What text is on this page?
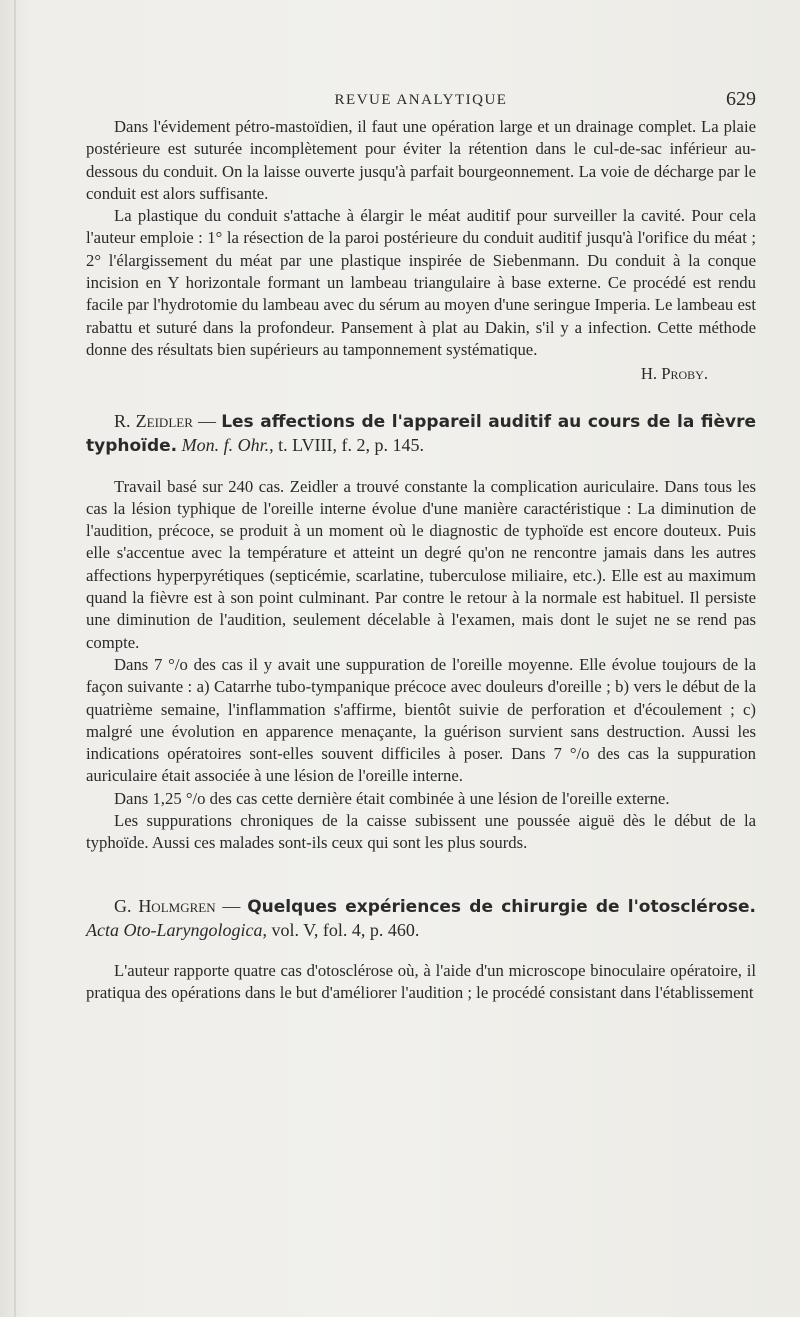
REVUE ANALYTIQUE	629

Dans l'évidement pétro-mastoïdien, il faut une opération large et un drainage complet. La plaie postérieure est suturée incomplètement pour éviter la rétention dans le cul-de-sac inférieur au-dessous du conduit. On la laisse ouverte jusqu'à parfait bourgeonnement. La voie de décharge par le conduit est alors suffisante.

La plastique du conduit s'attache à élargir le méat auditif pour surveiller la cavité. Pour cela l'auteur emploie : 1° la résection de la paroi postérieure du conduit auditif jusqu'à l'orifice du méat ; 2° l'élargissement du méat par une plastique inspirée de Siebenmann. Du conduit à la conque incision en Y horizontale formant un lambeau triangulaire à base externe. Ce procédé est rendu facile par l'hydrotomie du lambeau avec du sérum au moyen d'une seringue Imperia. Le lambeau est rabattu et suturé dans la profondeur. Pansement à plat au Dakin, s'il y a infection. Cette méthode donne des résultats bien supérieurs au tamponnement systématique.

H. Proby.

R. Zeidler — Les affections de l'appareil auditif au cours de la fièvre typhoïde. Mon. f. Ohr., t. LVIII, f. 2, p. 145.

Travail basé sur 240 cas. Zeidler a trouvé constante la complication auriculaire. Dans tous les cas la lésion typhique de l'oreille interne évolue d'une manière caractéristique : La diminution de l'audition, précoce, se produit à un moment où le diagnostic de typhoïde est encore douteux. Puis elle s'accentue avec la température et atteint un degré qu'on ne rencontre jamais dans les autres affections hyperpyrétiques (septicémie, scarlatine, tuberculose miliaire, etc.). Elle est au maximum quand la fièvre est à son point culminant. Par contre le retour à la normale est habituel. Il persiste une diminution de l'audition, seulement décelable à l'examen, mais dont le sujet ne se rend pas compte.

Dans 7 °/o des cas il y avait une suppuration de l'oreille moyenne. Elle évolue toujours de la façon suivante : a) Catarrhe tubo-tympanique précoce avec douleurs d'oreille ; b) vers le début de la quatrième semaine, l'inflammation s'affirme, bientôt suivie de perforation et d'écoulement ; c) malgré une évolution en apparence menaçante, la guérison survient sans destruction. Aussi les indications opératoires sont-elles souvent difficiles à poser. Dans 7 °/o des cas la suppuration auriculaire était associée à une lésion de l'oreille interne.

Dans 1,25 °/o des cas cette dernière était combinée à une lésion de l'oreille externe.

Les suppurations chroniques de la caisse subissent une poussée aiguë dès le début de la typhoïde. Aussi ces malades sont-ils ceux qui sont les plus sourds.

G. Holmgren — Quelques expériences de chirurgie de l'otosclérose. Acta Oto-Laryngologica, vol. V, fol. 4, p. 460.

L'auteur rapporte quatre cas d'otosclérose où, à l'aide d'un microscope binoculaire opératoire, il pratiqua des opérations dans le but d'améliorer l'audition ; le procédé consistant dans l'établissement
